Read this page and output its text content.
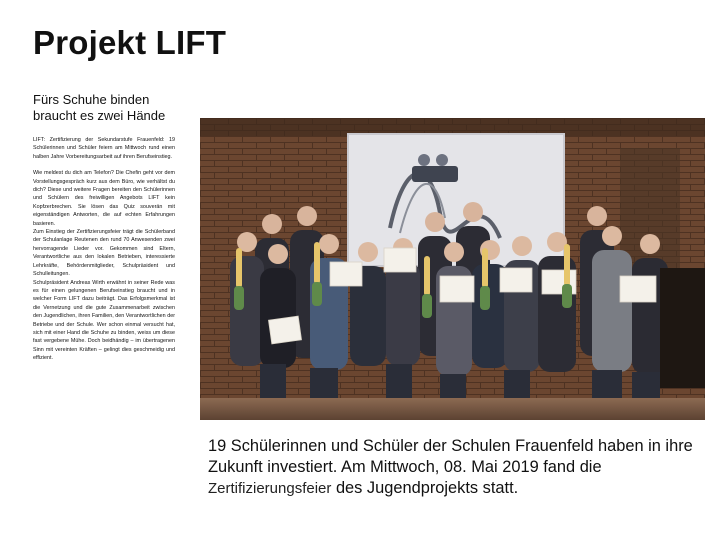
Projekt LIFT
Fürs Schuhe binden braucht es zwei Hände

LIFT: Zertifizierung der Sekundarstufe Frauenfeld: 19 Schülerinnen und Schüler feiern am Mittwoch rund einen halben Jahre Vorbereitungsarbeit auf ihren Berufseinstieg.

Wie meldest du dich am Telefon? Die Chefin geht vor dem Vorstellungsgespräch kurz aus dem Büro, wie verhältst du dich? Diese und weitere Fragen bereiten den Schülerinnen und Schülern des freiwilligen Angebots LIFT kein Kopfzerbrechen. Sie lösen das Quiz souverän mit eigenständigen Antworten, die auf echten Erfahrungen basieren.

Zum Einstieg der Zertifizierungsfeier trägt die Schülerband der Schulanlage Reutenen den rund 70 Anwesenden zwei hervorragende Lieder vor. Gekommen sind Eltern, Verantwortliche aus den lokalen Betrieben, interessierte Lehrkräfte, Behördenmitglieder, Schulpräsident und Schulleitungen.

Schulpräsident Andreas Wirth erwähnt in seiner Rede was es für einen gelungenen Berufseinstieg braucht und in welcher Form LIFT dazu beiträgt. Das Erfolgsmerkmal ist die Vernetzung und die gute Zusammenarbeit zwischen den Jugendlichen, ihren Familien, den Verantwortlichen der Betriebe und der Schule. Wer schon einmal versucht hat, sich mit einer Hand die Schuhe zu binden, weiss um diese fast vergebene Mühe. Doch beidhändig – im übertragenen Sinn mit vereinten Kräften – gelingt dies geschmeidig und effizient.

19 Schülerinnen und Schüler der Schulen Frauenfeld haben in ihre Zukunft investiert. Am Mittwoch, 08. Mai 2019 fand die Zertifizierungsfeier des Jugendprojekts statt.
